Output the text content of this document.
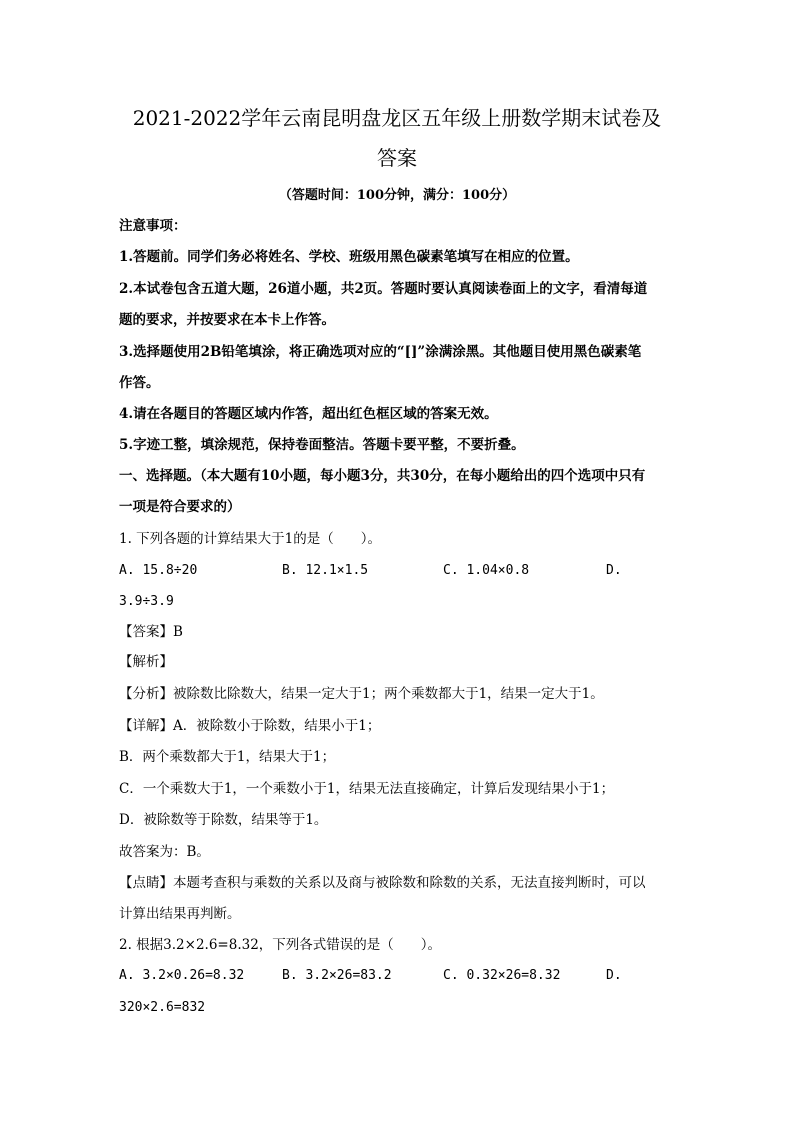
2021-2022学年云南昆明盘龙区五年级上册数学期末试卷及
答案
（答题时间：100分钟，满分：100分）
注意事项：
1.答题前。同学们务必将姓名、学校、班级用黑色碳素笔填写在相应的位置。
2.本试卷包含五道大题，26道小题，共2页。答题时要认真阅读卷面上的文字，看清每道
题的要求，并按要求在本卡上作答。
3.选择题使用2B铅笔填涂，将正确选项对应的“[]”涂满涂黑。其他题目使用黑色碳素笔
作答。
4.请在各题目的答题区域内作答，超出红色框区域的答案无效。
5.字迹工整，填涂规范，保持卷面整洁。答题卡要平整，不要折叠。
一、选择题。（本大题有10小题，每小题3分，共30分，在每小题给出的四个选项中只有
一项是符合要求的）
1. 下列各题的计算结果大于1的是（　　）。
A. 15.8÷20	B. 12.1×1.5	C. 1.04×0.8	D.
3.9÷3.9
【答案】B
【解析】
【分析】被除数比除数大，结果一定大于1；两个乘数都大于1，结果一定大于1。
【详解】A．被除数小于除数，结果小于1；
B．两个乘数都大于1，结果大于1；
C．一个乘数大于1，一个乘数小于1，结果无法直接确定，计算后发现结果小于1；
D．被除数等于除数，结果等于1。
故答案为：B。
【点睛】本题考查积与乘数的关系以及商与被除数和除数的关系，无法直接判断时，可以
计算出结果再判断。
2. 根据3.2×2.6=8.32，下列各式错误的是（　　）。
A. 3.2×0.26=8.32	B. 3.2×26=83.2	C. 0.32×26=8.32	D.
320×2.6=832
